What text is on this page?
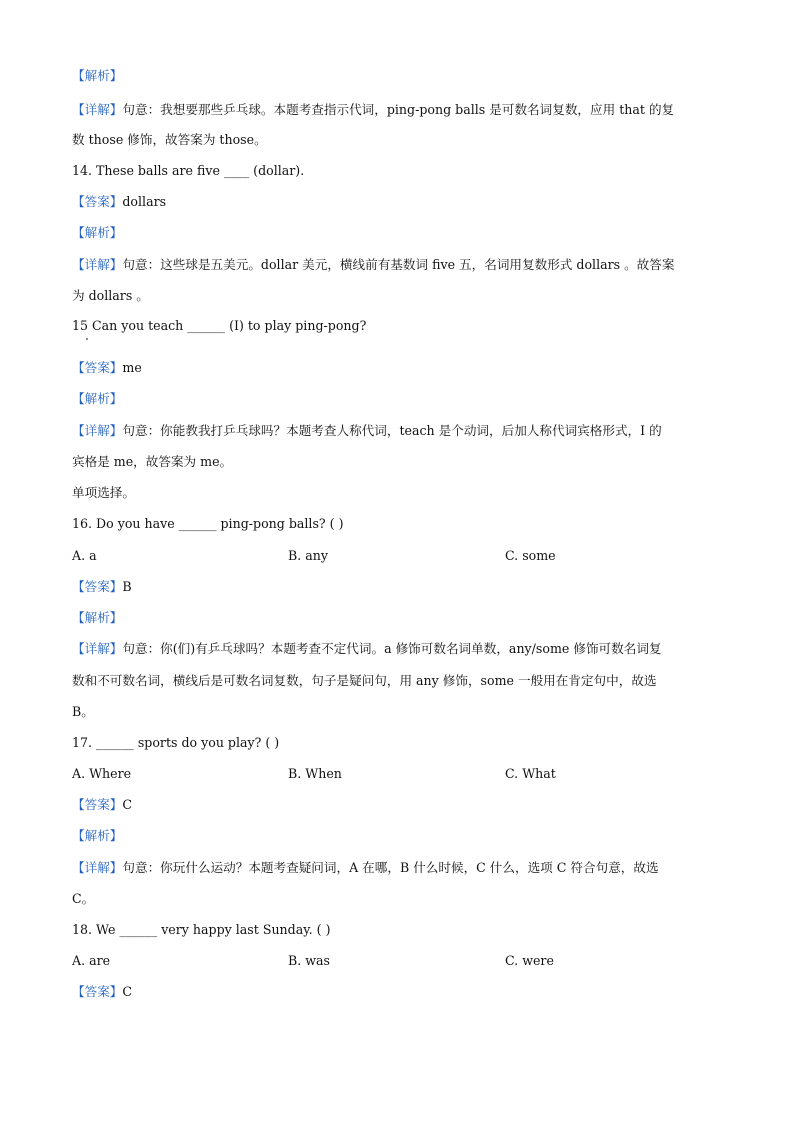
【解析】
【详解】句意：我想要那些乒乓球。本题考查指示代词，ping-pong balls 是可数名词复数，应用 that 的复
数 those 修饰，故答案为 those。
14. These balls are five ____ (dollar).
【答案】dollars
【解析】
【详解】句意：这些球是五美元。dollar 美元，横线前有基数词 five 五，名词用复数形式 dollars 。故答案
为 dollars 。
15 Can you teach ______ (I) to play ping-pong?
【答案】me
【解析】
【详解】句意：你能教我打乒乓球吗？本题考查人称代词，teach 是个动词，后加人称代词宾格形式，I 的
宾格是 me，故答案为 me。
单项选择。
16. Do you have ______ ping-pong balls? ( )
A. a	B. any	C. some
【答案】B
【解析】
【详解】句意：你(们)有乒乓球吗？本题考查不定代词。a 修饰可数名词单数，any/some 修饰可数名词复
数和不可数名词，横线后是可数名词复数，句子是疑问句，用 any 修饰，some 一般用在肯定句中，故选
B。
17. ______ sports do you play? ( )
A. Where	B. When	C. What
【答案】C
【解析】
【详解】句意：你玩什么运动？本题考查疑问词，A 在哪，B 什么时候，C 什么，选项 C 符合句意，故选
C。
18. We ______ very happy last Sunday. ( )
A. are	B. was	C. were
【答案】C
